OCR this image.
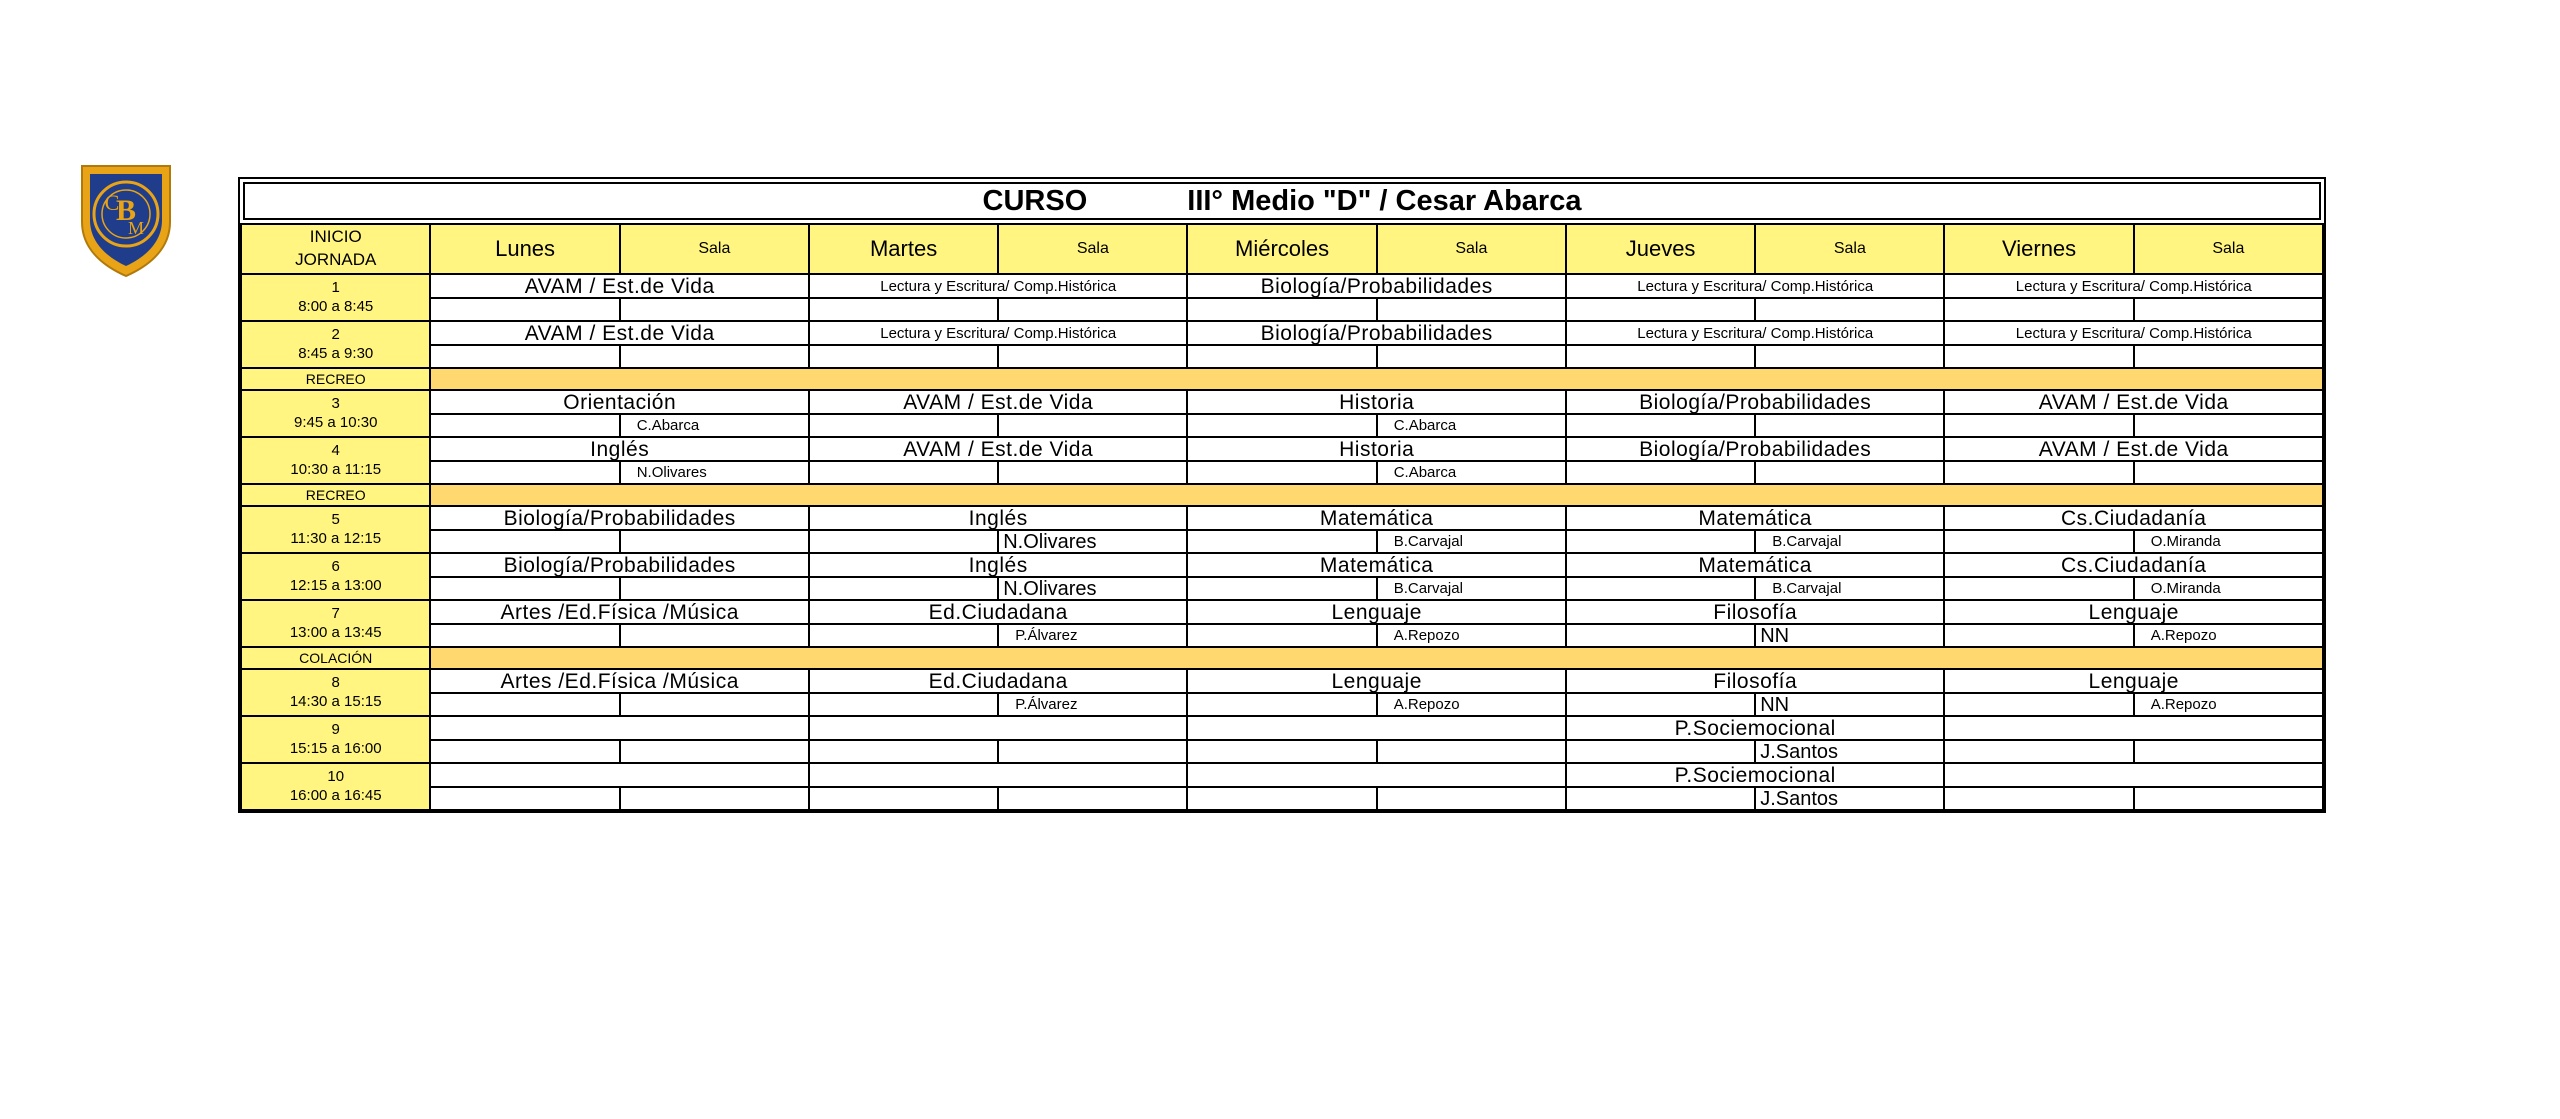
B
C
M
CURSO	III° Medio "D" / Cesar Abarca
INICIO
JORNADA	Lunes	Sala	Martes	Sala	Miércoles	Sala	Jueves	Sala	Viernes	Sala
1
8:00 a 8:45	AVAM / Est.de Vida		Lectura y Escritura/ Comp.Histórica		Biología/Probabilidades		Lectura y Escritura/ Comp.Histórica		Lectura y Escritura/ Comp.Histórica	

2
8:45 a 9:30	AVAM / Est.de Vida		Lectura y Escritura/ Comp.Histórica		Biología/Probabilidades		Lectura y Escritura/ Comp.Histórica		Lectura y Escritura/ Comp.Histórica	

RECREO										
3
9:45 a 10:30	Orientación		AVAM / Est.de Vida		Historia		Biología/Probabilidades		AVAM / Est.de Vida	
		C.Abarca				C.Abarca				
4
10:30 a 11:15	Inglés		AVAM / Est.de Vida		Historia		Biología/Probabilidades		AVAM / Est.de Vida	
		N.Olivares				C.Abarca				
RECREO										
5
11:30 a 12:15	Biología/Probabilidades		Inglés		Matemática		Matemática		Cs.Ciudadanía	
				N.Olivares		B.Carvajal		B.Carvajal		O.Miranda
6
12:15 a 13:00	Biología/Probabilidades		Inglés		Matemática		Matemática		Cs.Ciudadanía	
				N.Olivares		B.Carvajal		B.Carvajal		O.Miranda
7
13:00 a 13:45	Artes /Ed.Física /Música		Ed.Ciudadana		Lenguaje		Filosofía		Lenguaje	
				P.Álvarez		A.Repozo		NN		A.Repozo
COLACIÓN										
8
14:30 a 15:15	Artes /Ed.Física /Música		Ed.Ciudadana		Lenguaje		Filosofía		Lenguaje	
				P.Álvarez		A.Repozo		NN		A.Repozo
9
15:15 a 16:00							P.Sociemocional			
								J.Santos		
10
16:00 a 16:45							P.Sociemocional			
								J.Santos		
